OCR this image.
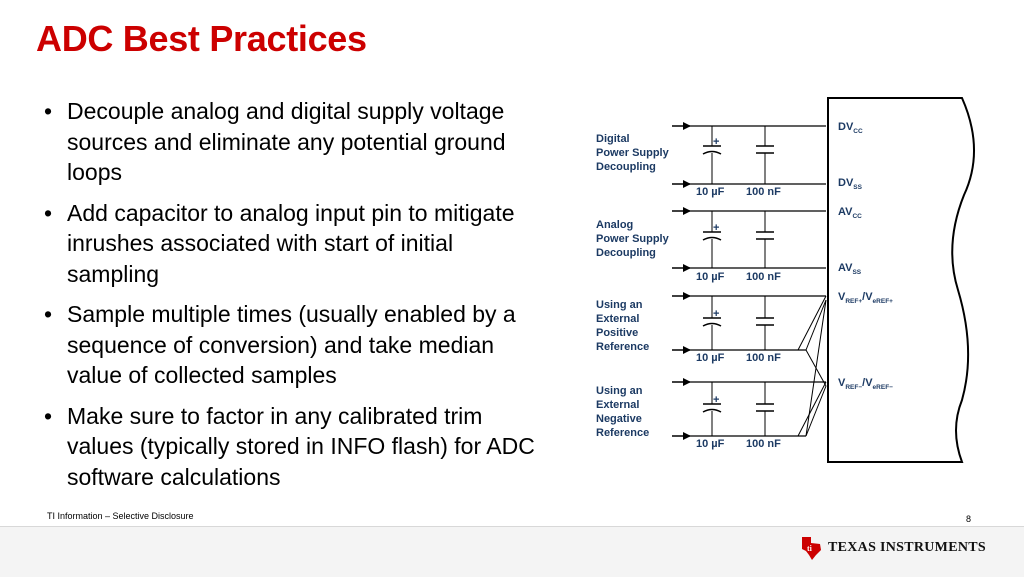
ADC Best Practices
• Decouple analog and digital supply voltage sources and eliminate any potential ground loops
• Add capacitor to analog input pin to mitigate inrushes associated with start of initial sampling
• Sample multiple times (usually enabled by a sequence of conversion) and take median value of collected samples
• Make sure to factor in any calibrated trim values (typically stored in INFO flash) for ADC software calculations
+
+
+
+
Digital
Power Supply
Decoupling
Analog
Power Supply
Decoupling
Using an
External
Positive
Reference
Using an
External
Negative
Reference
10 µF 100 nF
10 µF 100 nF
10 µF 100 nF
10 µF 100 nF
$DV_{CC}$
$DV_{SS}$
$AV_{CC}$
$AV_{SS}$
$V_{REF+}/V_{eREF+}$
$V_{REF-}/V_{eREF-}$
TI Information – Selective Disclosure	8
ti TEXAS INSTRUMENTS
